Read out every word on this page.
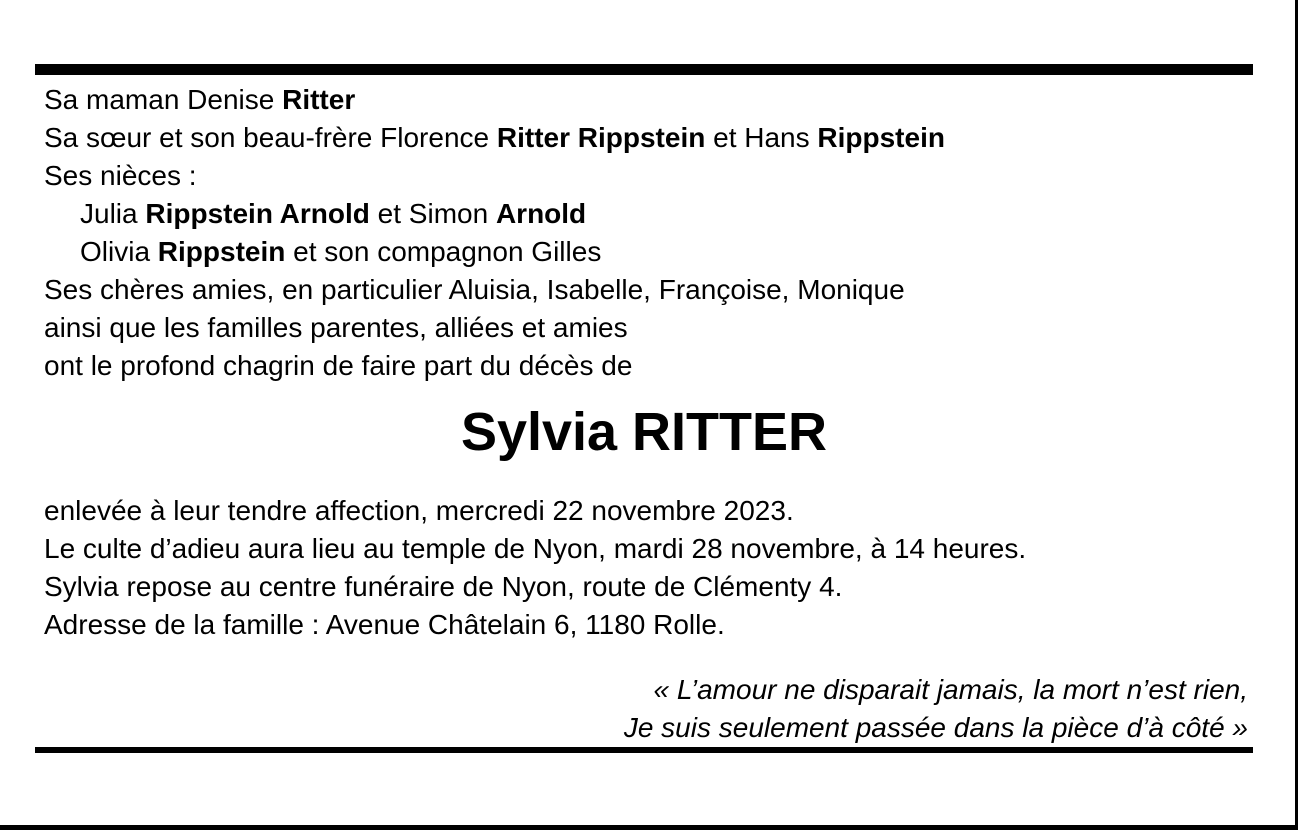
Sa maman Denise Ritter
Sa sœur et son beau-frère Florence Ritter Rippstein et Hans Rippstein
Ses nièces :
Julia Rippstein Arnold et Simon Arnold
Olivia Rippstein et son compagnon Gilles
Ses chères amies, en particulier Aluisia, Isabelle, Françoise, Monique
ainsi que les familles parentes, alliées et amies
ont le profond chagrin de faire part du décès de
Sylvia RITTER
enlevée à leur tendre affection, mercredi 22 novembre 2023.
Le culte d’adieu aura lieu au temple de Nyon, mardi 28 novembre, à 14 heures.
Sylvia repose au centre funéraire de Nyon, route de Clémenty 4.
Adresse de la famille : Avenue Châtelain 6, 1180 Rolle.
« L’amour ne disparait jamais, la mort n’est rien,
Je suis seulement passée dans la pièce d’à côté »
